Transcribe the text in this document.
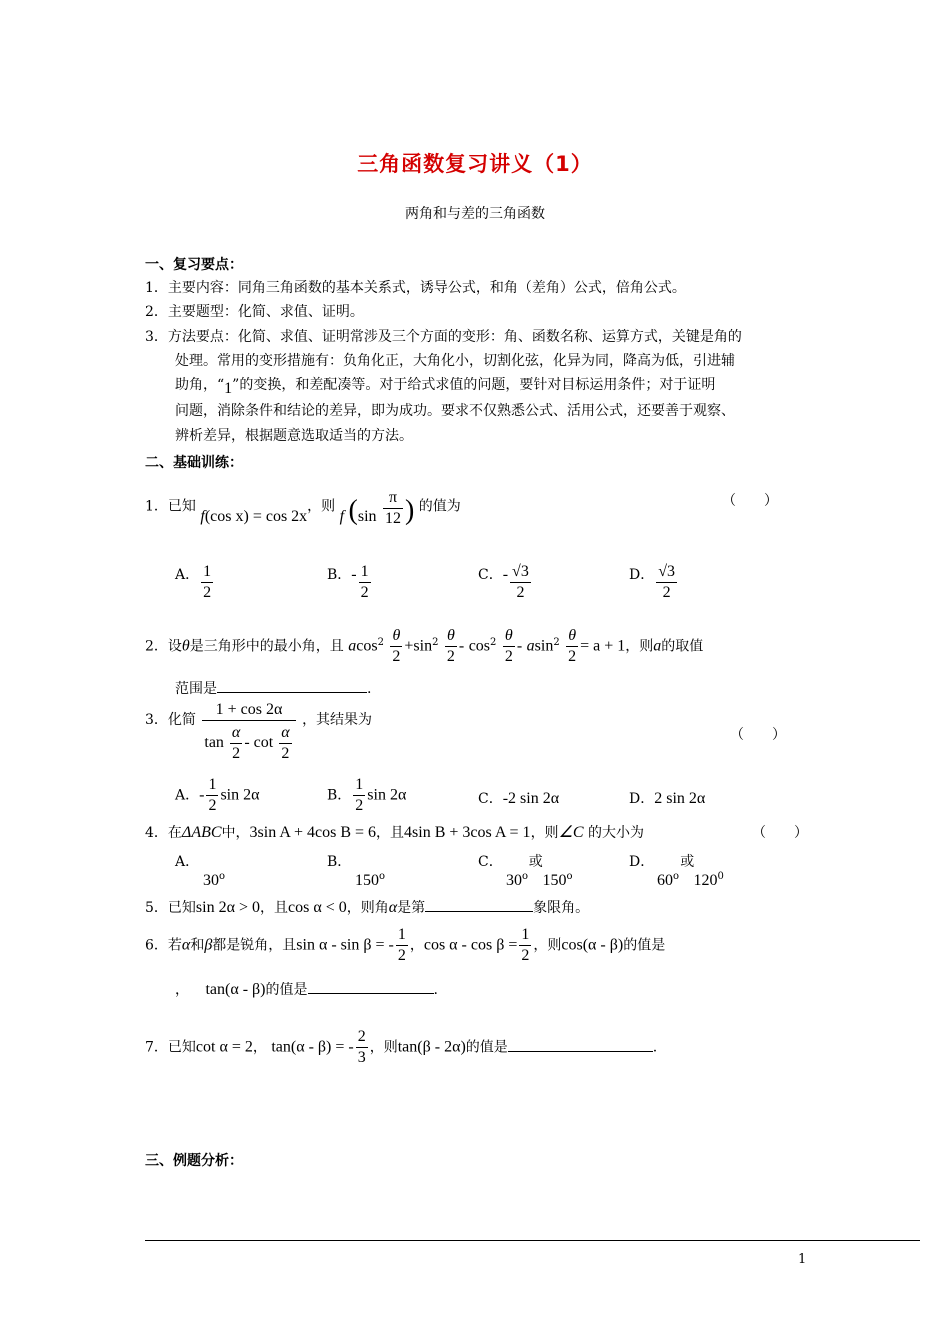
三角函数复习讲义（1）
两角和与差的三角函数
一、复习要点：
1．主要内容：同角三角函数的基本关系式，诱导公式，和角（差角）公式，倍角公式。
2．主要题型：化简、求值、证明。
3．方法要点：化简、求值、证明常涉及三个方面的变形：角、函数名称、运算方式，关键是角的
处理。常用的变形措施有：负角化正，大角化小，切割化弦，化异为同，降高为低，引进辅
助角，“1”的变换，和差配凑等。对于给式求值的问题，要针对目标运用条件；对于证明
问题，消除条件和结论的差异，即为成功。要求不仅熟悉公式、活用公式，还要善于观察、
辨析差异，根据题意选取适当的方法。
二、基础训练：
1．已知 f(cos x) = cos 2x，则 f ($\sin \frac{\pi}{12}$ ) 的值为	（　　）
A． $\frac{1}{2}$	B．- $\frac{1}{2}$	C．- $\frac{√3}{2}$	D． $\frac{√3}{2}$
2．设θ是三角形中的最小角，且 $acos^2 \frac{\theta}{2} +\sin^2 \frac{\theta}{2} - \cos^2 \frac{\theta}{2} - asin^2 \frac{\theta}{2} = a + 1$，则a的取值
范围是	.
3．化简 $\frac{1 + \cos 2\alpha}{\tan \frac{\alpha}{2} - \cot \frac{\alpha}{2}}$ ，其结果为
（　　）
A．- $\frac{1}{2}$ sin 2α	B． $\frac{1}{2}$ sin 2α	C．-2 sin 2α	D．2 sin 2α
4．在ΔABC中，3sin A + 4cos B = 6，且4sin B + 3cos A = 1，则∠C 的大小为	（　　）
A．
30$^o$
B．
150$^o$
C． 或
30$^o$ 150$^o$
D． 或
60$^o$ $120^0$
5．已知sin 2α > 0，且cos α < 0，则角α是第	象限角。
6．若α和β都是锐角，且sin α - sin β = - $\frac{1}{2}$ ，$\cos \alpha - \cos \beta = \frac{1}{2}$ ，则cos(α - β)的值是
， tan(α - β)的值是	.
7．已知cot α = 2， tan(α - β) = - $\frac{2}{3}$ ，则tan(β - 2α)的值是	.
三、例题分析：
1
